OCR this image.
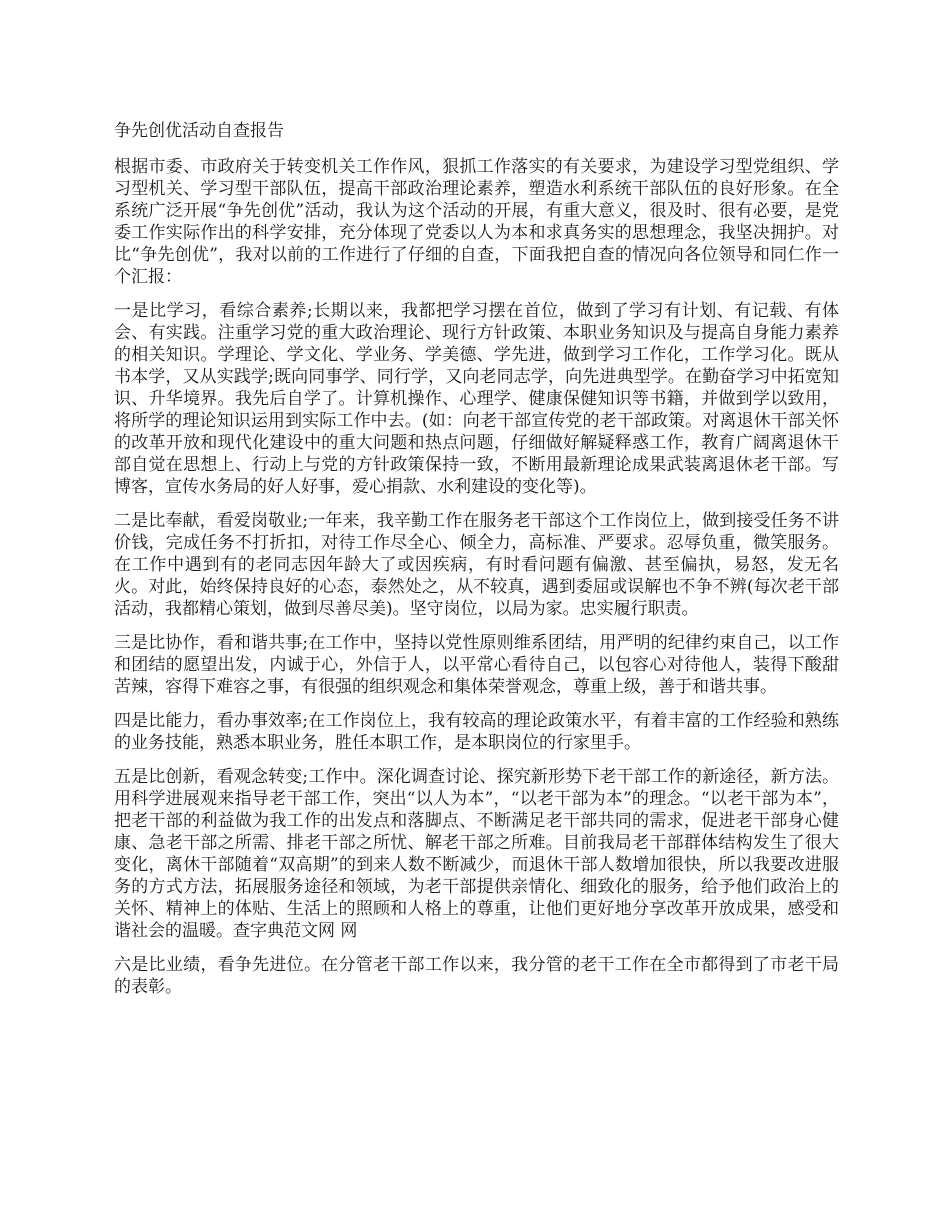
争先创优活动自查报告

根据市委、市政府关于转变机关工作作风，狠抓工作落实的有关要求，为建设学习型党组织、学习型机关、学习型干部队伍，提高干部政治理论素养，塑造水利系统干部队伍的良好形象。在全系统广泛开展“争先创优”活动，我认为这个活动的开展，有重大意义，很及时、很有必要，是党委工作实际作出的科学安排，充分体现了党委以人为本和求真务实的思想理念，我坚决拥护。对比“争先创优”，我对以前的工作进行了仔细的自查，下面我把自查的情况向各位领导和同仁作一个汇报：

一是比学习，看综合素养;长期以来，我都把学习摆在首位，做到了学习有计划、有记载、有体会、有实践。注重学习党的重大政治理论、现行方针政策、本职业务知识及与提高自身能力素养的相关知识。学理论、学文化、学业务、学美德、学先进，做到学习工作化，工作学习化。既从书本学，又从实践学;既向同事学、同行学，又向老同志学，向先进典型学。在勤奋学习中拓宽知识、升华境界。我先后自学了。计算机操作、心理学、健康保健知识等书籍，并做到学以致用，将所学的理论知识运用到实际工作中去。(如：向老干部宣传党的老干部政策。对离退休干部关怀的改革开放和现代化建设中的重大问题和热点问题，仔细做好解疑释惑工作，教育广阔离退休干部自觉在思想上、行动上与党的方针政策保持一致，不断用最新理论成果武装离退休老干部。写博客，宣传水务局的好人好事，爱心捐款、水利建设的变化等)。

二是比奉献，看爱岗敬业;一年来，我辛勤工作在服务老干部这个工作岗位上，做到接受任务不讲价钱，完成任务不打折扣，对待工作尽全心、倾全力，高标准、严要求。忍辱负重，微笑服务。在工作中遇到有的老同志因年龄大了或因疾病，有时看问题有偏激、甚至偏执，易怒，发无名火。对此，始终保持良好的心态，泰然处之，从不较真，遇到委屈或误解也不争不辨(每次老干部活动，我都精心策划，做到尽善尽美)。坚守岗位，以局为家。忠实履行职责。

三是比协作，看和谐共事;在工作中，坚持以党性原则维系团结，用严明的纪律约束自己，以工作和团结的愿望出发，内诚于心，外信于人，以平常心看待自己，以包容心对待他人，装得下酸甜苦辣，容得下难容之事，有很强的组织观念和集体荣誉观念，尊重上级，善于和谐共事。

四是比能力，看办事效率;在工作岗位上，我有较高的理论政策水平，有着丰富的工作经验和熟练的业务技能，熟悉本职业务，胜任本职工作，是本职岗位的行家里手。

五是比创新，看观念转变;工作中。深化调查讨论、探究新形势下老干部工作的新途径，新方法。用科学进展观来指导老干部工作，突出“以人为本”，“以老干部为本”的理念。“以老干部为本”，把老干部的利益做为我工作的出发点和落脚点、不断满足老干部共同的需求，促进老干部身心健康、急老干部之所需、排老干部之所忧、解老干部之所难。目前我局老干部群体结构发生了很大变化，离休干部随着“双高期”的到来人数不断减少，而退休干部人数增加很快，所以我要改进服务的方式方法，拓展服务途径和领域，为老干部提供亲情化、细致化的服务，给予他们政治上的关怀、精神上的体贴、生活上的照顾和人格上的尊重，让他们更好地分享改革开放成果，感受和谐社会的温暖。查字典范文网 网

六是比业绩，看争先进位。在分管老干部工作以来，我分管的老干工作在全市都得到了市老干局的表彰。
